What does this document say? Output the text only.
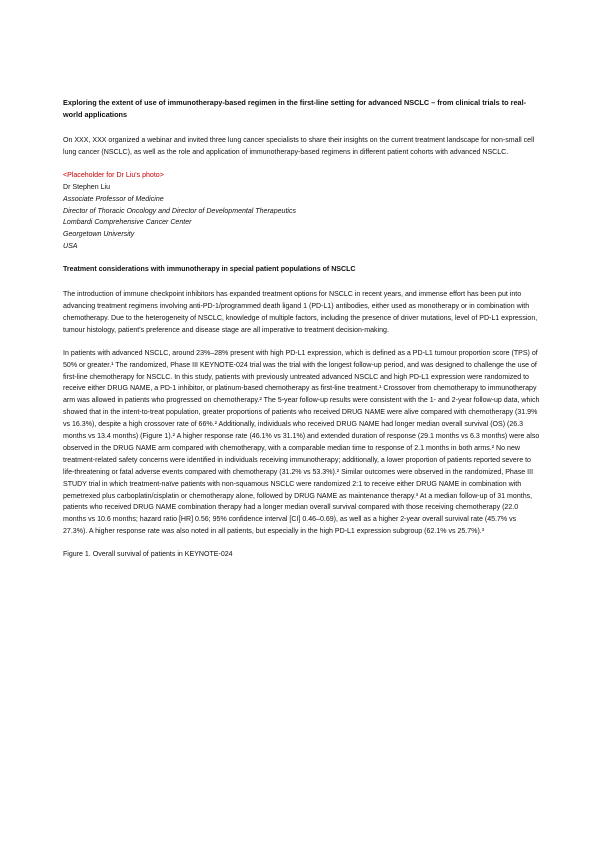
Exploring the extent of use of immunotherapy-based regimen in the first-line setting for advanced NSCLC – from clinical trials to real-world applications
On XXX, XXX organized a webinar and invited three lung cancer specialists to share their insights on the current treatment landscape for non-small cell lung cancer (NSCLC), as well as the role and application of immunotherapy-based regimens in different patient cohorts with advanced NSCLC.
<Placeholder for Dr Liu's photo>
Dr Stephen Liu
Associate Professor of Medicine
Director of Thoracic Oncology and Director of Developmental Therapeutics
Lombardi Comprehensive Cancer Center
Georgetown University
USA
Treatment considerations with immunotherapy in special patient populations of NSCLC
The introduction of immune checkpoint inhibitors has expanded treatment options for NSCLC in recent years, and immense effort has been put into advancing treatment regimens involving anti-PD-1/programmed death ligand 1 (PD-L1) antibodies, either used as monotherapy or in combination with chemotherapy. Due to the heterogeneity of NSCLC, knowledge of multiple factors, including the presence of driver mutations, level of PD-L1 expression, tumour histology, patient's preference and disease stage are all imperative to treatment decision-making.
In patients with advanced NSCLC, around 23%–28% present with high PD-L1 expression, which is defined as a PD-L1 tumour proportion score (TPS) of 50% or greater.¹ The randomized, Phase III KEYNOTE-024 trial was the trial with the longest follow-up period, and was designed to challenge the use of first-line chemotherapy for NSCLC. In this study, patients with previously untreated advanced NSCLC and high PD-L1 expression were randomized to receive either DRUG NAME, a PD-1 inhibitor, or platinum-based chemotherapy as first-line treatment.¹ Crossover from chemotherapy to immunotherapy arm was allowed in patients who progressed on chemotherapy.² The 5-year follow-up results were consistent with the 1- and 2-year follow-up data, which showed that in the intent-to-treat population, greater proportions of patients who received DRUG NAME were alive compared with chemotherapy (31.9% vs 16.3%), despite a high crossover rate of 66%.² Additionally, individuals who received DRUG NAME had longer median overall survival (OS) (26.3 months vs 13.4 months) (Figure 1).² A higher response rate (46.1% vs 31.1%) and extended duration of response (29.1 months vs 6.3 months) were also observed in the DRUG NAME arm compared with chemotherapy, with a comparable median time to response of 2.1 months in both arms.² No new treatment-related safety concerns were identified in individuals receiving immunotherapy; additionally, a lower proportion of patients reported severe to life-threatening or fatal adverse events compared with chemotherapy (31.2% vs 53.3%).² Similar outcomes were observed in the randomized, Phase III STUDY trial in which treatment-naïve patients with non-squamous NSCLC were randomized 2:1 to receive either DRUG NAME in combination with pemetrexed plus carboplatin/cisplatin or chemotherapy alone, followed by DRUG NAME as maintenance therapy.³ At a median follow-up of 31 months, patients who received DRUG NAME combination therapy had a longer median overall survival compared with those receiving chemotherapy (22.0 months vs 10.6 months; hazard ratio [HR] 0.56; 95% confidence interval [CI] 0.46–0.69), as well as a higher 2-year overall survival rate (45.7% vs 27.3%). A higher response rate was also noted in all patients, but especially in the high PD-L1 expression subgroup (62.1% vs 25.7%).³
Figure 1. Overall survival of patients in KEYNOTE-024
